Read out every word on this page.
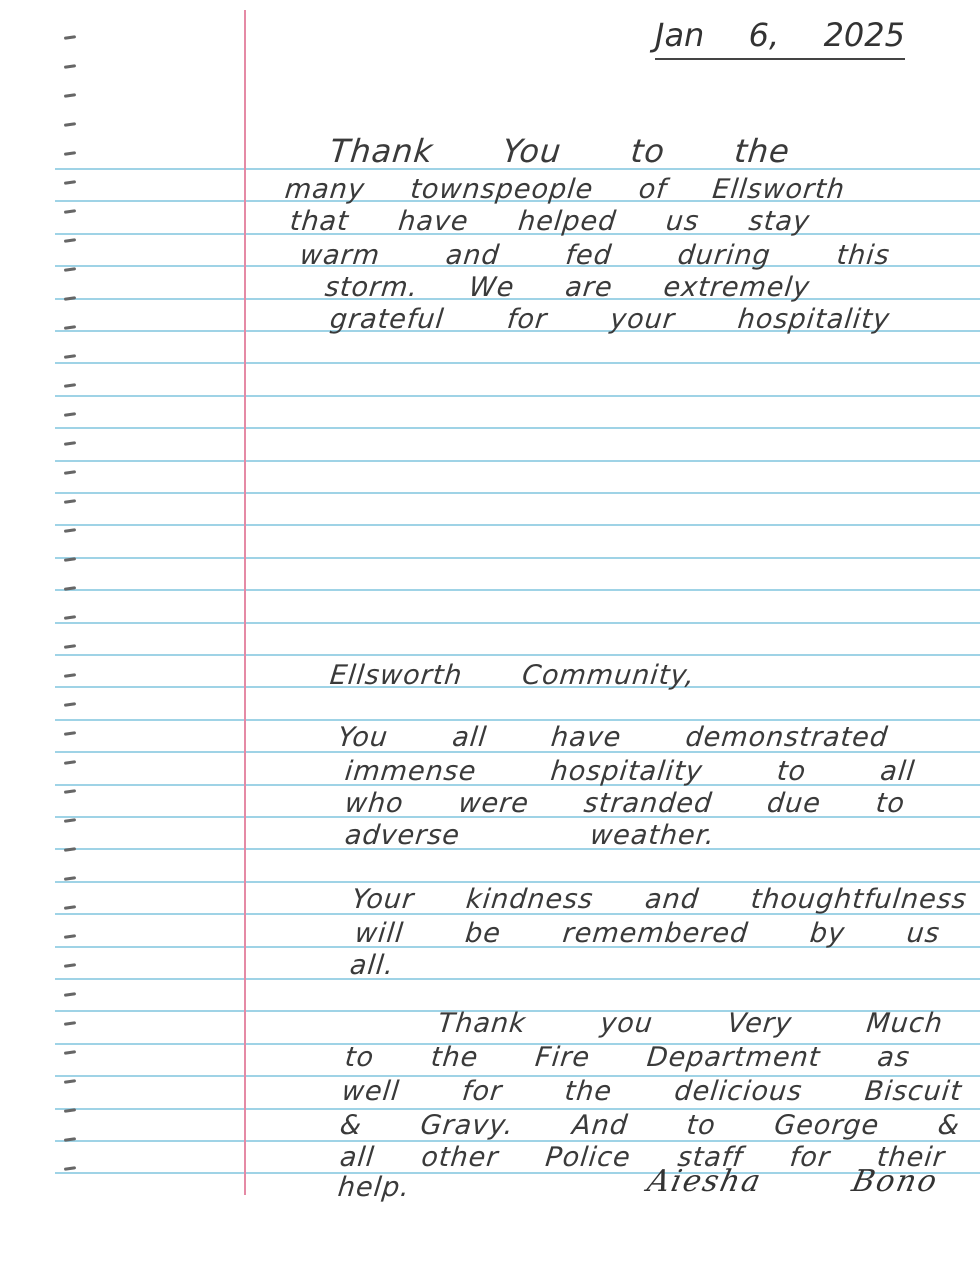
Jan 6, 2025
Thank You to the
many townspeople of Ellsworth
that have helped us stay
warm and fed during this
storm. We are extremely
grateful for your hospitality
Ellsworth Community,
You all have demonstrated
immense hospitality to all
who were stranded due to
adverse weather.
Your kindness and thoughtfulness
will be remembered by us
all.
Thank you Very Much
to the Fire Department as
well for the delicious Biscuit
& Gravy. And to George &
all other Police staff for their
help.	Aiesha Bono
